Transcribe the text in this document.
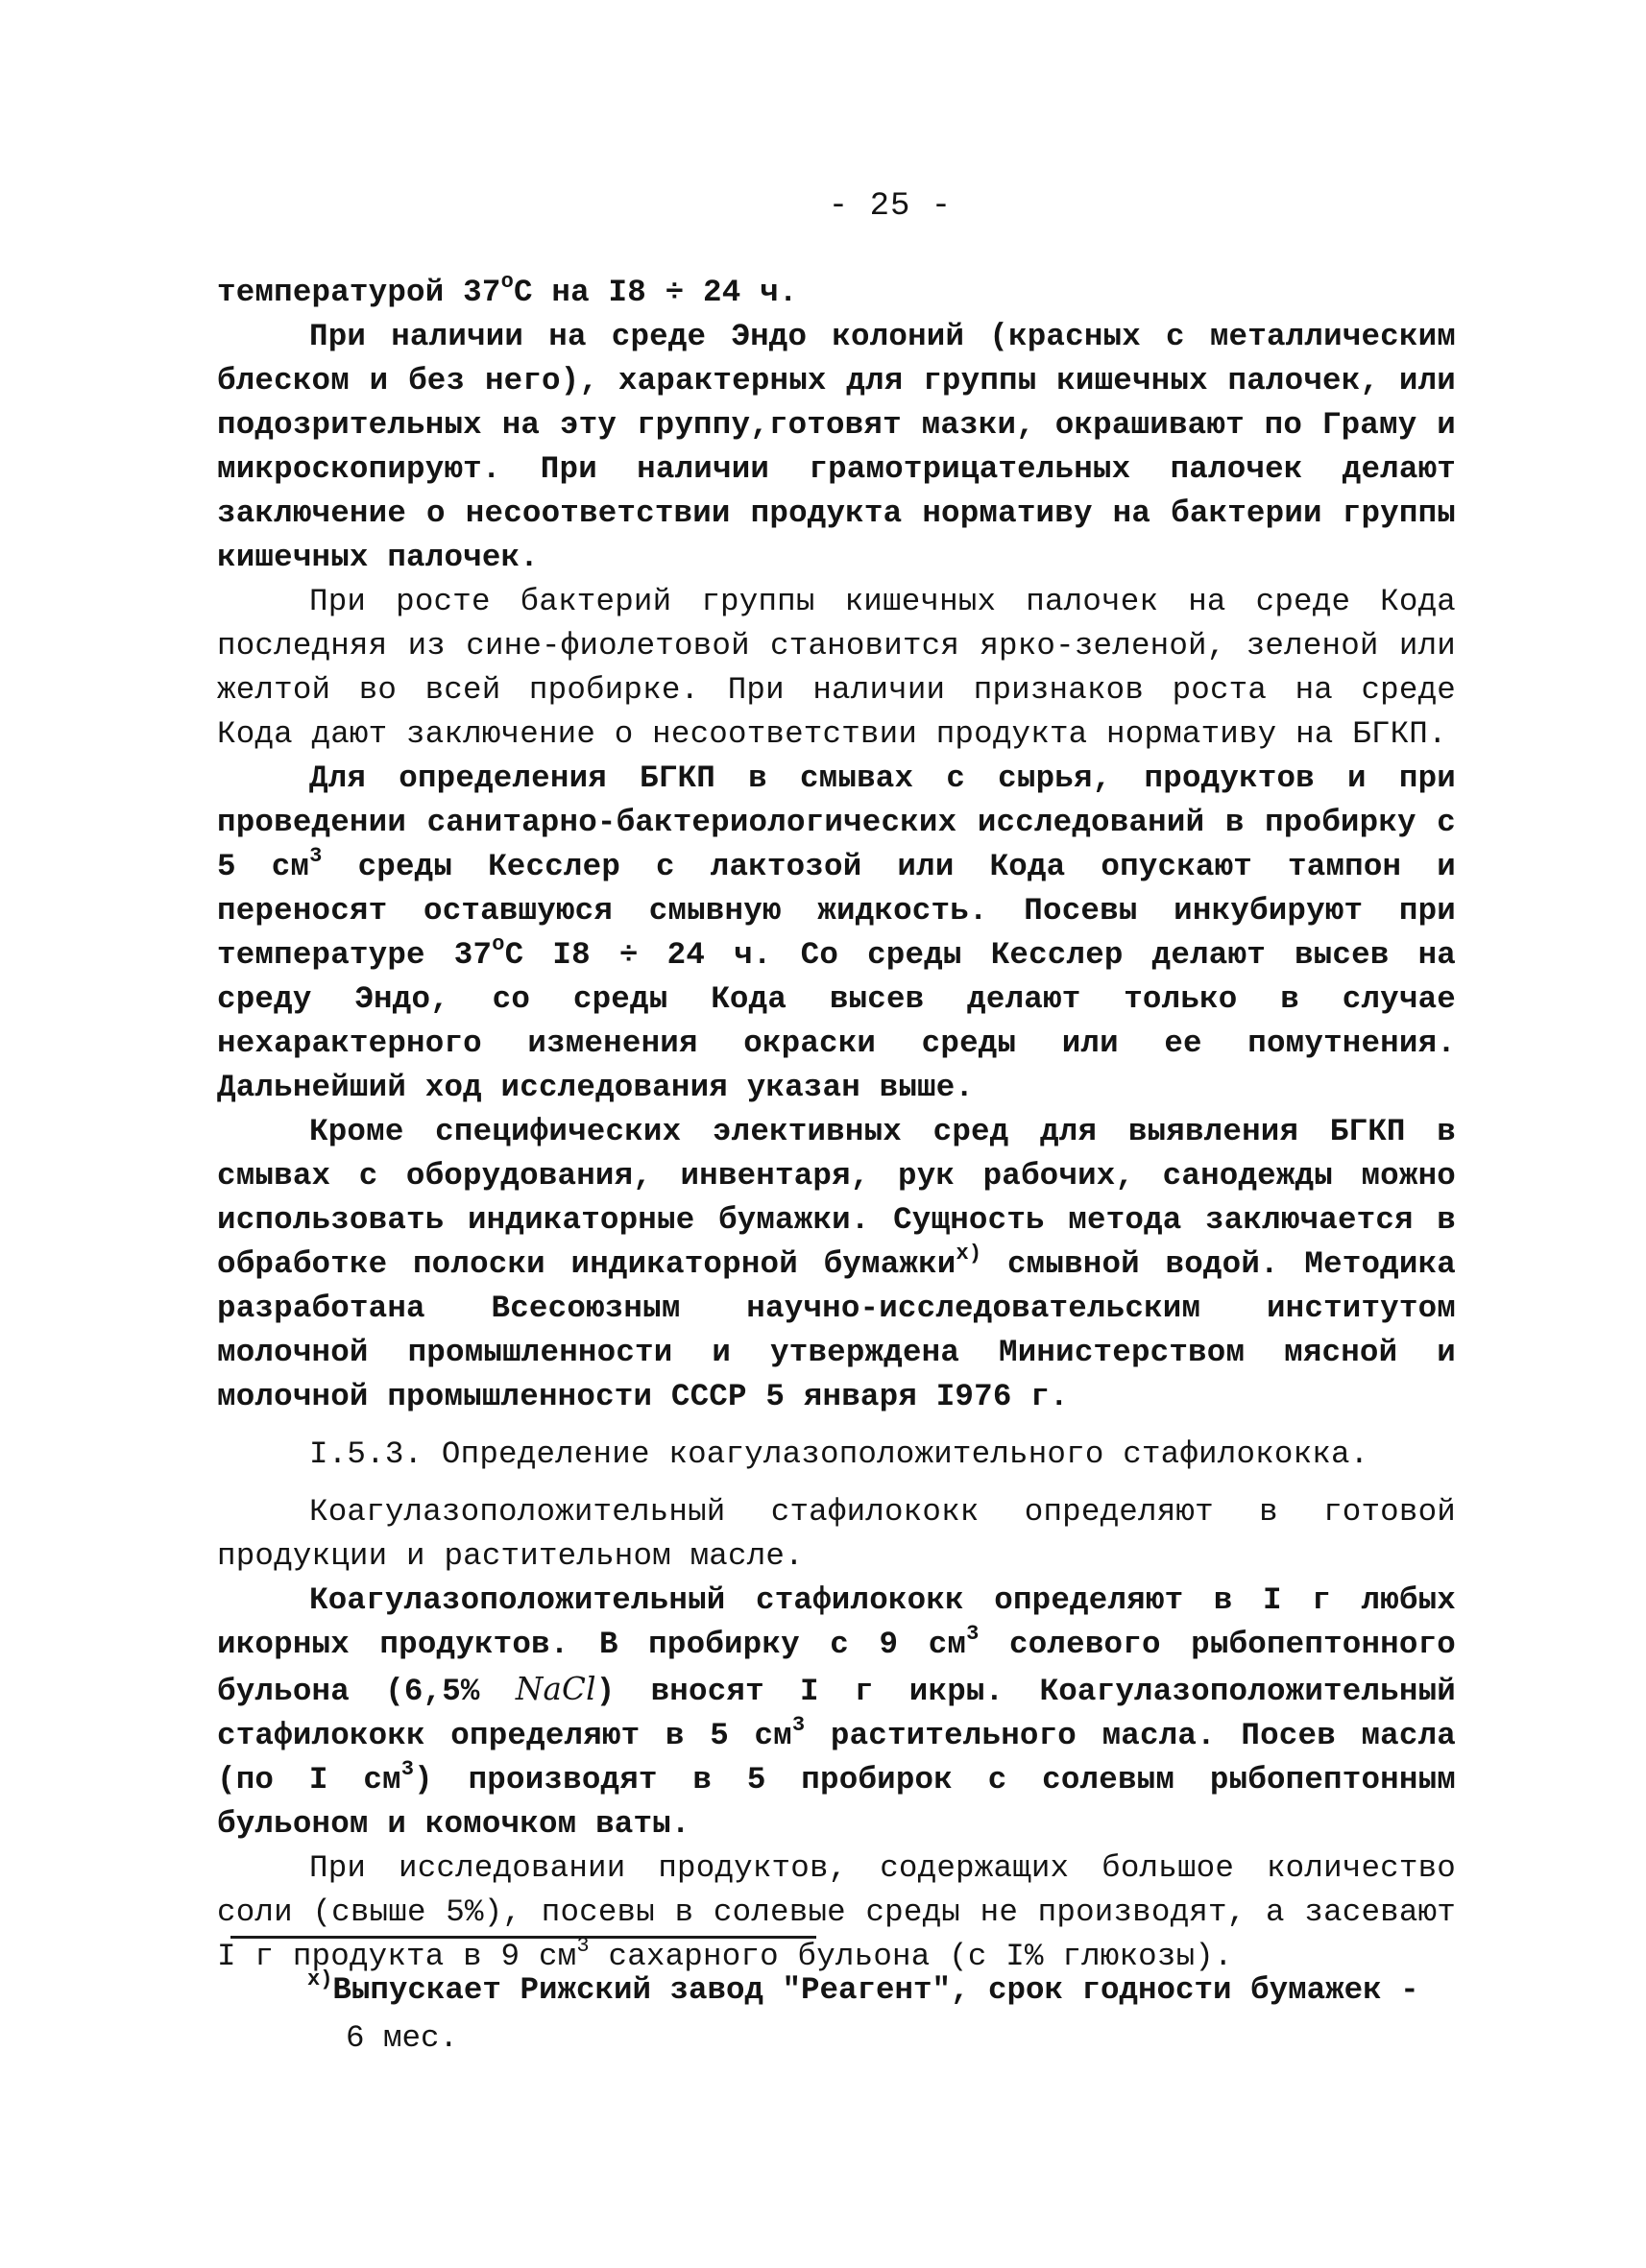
- 25 -

температурой $37^оС$ на I8 ÷ 24 ч.

При наличии на среде Эндо колоний (красных с металлическим блеском и без него), характерных для группы кишечных палочек, или подозрительных на эту группу,готовят мазки, окрашивают по Граму и микроскопируют. При наличии грамотрицательных палочек делают заключение о несоответствии продукта нормативу на бактерии группы кишечных палочек.

При росте бактерий группы кишечных палочек на среде Кода последняя из сине-фиолетовой становится ярко-зеленой, зеленой или желтой во всей пробирке. При наличии признаков роста на среде Кода дают заключение о несоответствии продукта нормативу на БГКП.

Для определения БГКП в смывах с сырья, продуктов и при проведении санитарно-бактериологических исследований в пробирку с 5 $см^3$ среды Кесслер с лактозой или Кода опускают тампон и переносят оставшуюся смывную жидкость. Посевы инкубируют при температуре $37^оС$ I8 ÷ 24 ч. Со среды Кесслер делают высев на среду Эндо, со среды Кода высев делают только в случае нехарактерного изменения окраски среды или ее помутнения. Дальнейший ход исследования указан выше.

Кроме специфических элективных сред для выявления БГКП в смывах с оборудования, инвентаря, рук рабочих, санодежды можно использовать индикаторные бумажки. Сущность метода заключается в обработке полоски индикаторной бумажки$^{х)}$ смывной водой. Методика разработана Всесоюзным научно-исследовательским институтом молочной промышленности и утверждена Министерством мясной и молочной промышленности СССР 5 января I976 г.

I.5.3. Определение коагулазоположительного стафилококка.

Коагулазоположительный стафилококк определяют в готовой продукции и растительном масле.

Коагулазоположительный стафилококк определяют в I г любых икорных продуктов. В пробирку с 9 $см^3$ солевого рыбопептонного бульона (6,5% NaCl) вносят I г икры. Коагулазоположительный стафилококк определяют в 5 $см^3$ растительного масла. Посев масла (по I $см^3$) производят в 5 пробирок с солевым рыбопептонным бульоном и комочком ваты.

При исследовании продуктов, содержащих большое количество соли (свыше 5%), посевы в солевые среды не производят, а засевают I г продукта в 9 $см^3$ сахарного бульона (с I% глюкозы).

$^{х)}$Выпускает Рижский завод "Реагент", срок годности бумажек -
6 мес.
